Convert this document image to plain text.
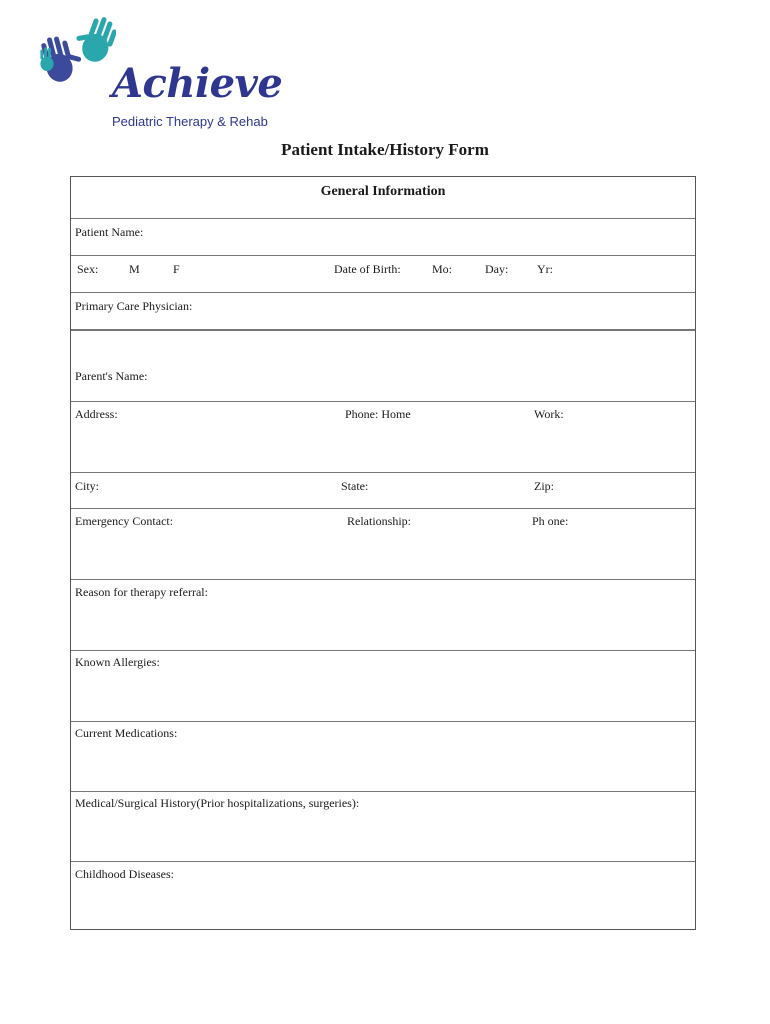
Achieve
Pediatric Therapy & Rehab
Patient Intake/History Form
General Information
Patient Name:
Sex:	M	F	Date of Birth:	Mo:	Day: Yr:
Primary Care Physician:
Parent's Name:
Address:	Phone: Home	Work:
City:	State:	Zip:
Emergency Contact:	Relationship:	Ph one:
Reason for therapy referral:
Known Allergies:
Current Medications:
Medical/Surgical History(Prior hospitalizations, surgeries):
Childhood Diseases:
